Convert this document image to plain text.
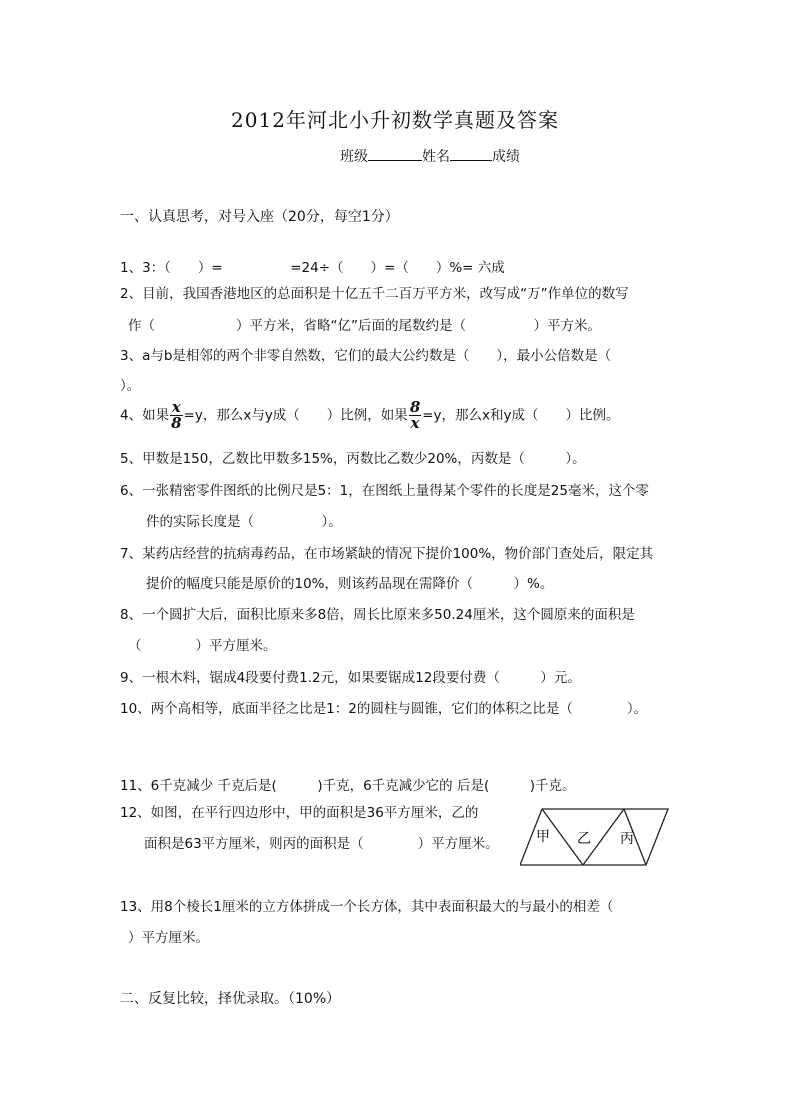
2012年河北小升初数学真题及答案
班级	姓名	成绩
一、认真思考，对号入座（20分，每空1分）
1、3：（　　）=　　　　　=24÷（　　）=（　　）%= 六成
2、目前，我国香港地区的总面积是十亿五千二百万平方米，改写成“万”作单位的数写
作（　　　　　　）平方米，省略“亿”后面的尾数约是（　　　　　）平方米。
3、a与b是相邻的两个非零自然数，它们的最大公约数是（　　），最小公倍数是（
）。
4、如果 $\frac{x}{8} =y$，那么x与y成（　　）比例，如果 $\frac{8}{x} =y$，那么x和y成（　　）比例。
5、甲数是150，乙数比甲数多15%，丙数比乙数少20%，丙数是（　　　）。
6、一张精密零件图纸的比例尺是5：1，在图纸上量得某个零件的长度是25毫米，这个零
件的实际长度是（　　　　　）。
7、某药店经营的抗病毒药品，在市场紧缺的情况下提价100%，物价部门查处后，限定其
提价的幅度只能是原价的10%，则该药品现在需降价（　　　）%。
8、一个圆扩大后，面积比原来多8倍，周长比原来多50.24厘米，这个圆原来的面积是
（　　　　）平方厘米。
9、一根木料，锯成4段要付费1.2元，如果要锯成12段要付费（　　　）元。
10、两个高相等，底面半径之比是1：2的圆柱与圆锥，它们的体积之比是（　　　　）。
11、6千克减少 千克后是(　　　)千克，6千克减少它的 后是(　　　)千克。
12、如图，在平行四边形中，甲的面积是36平方厘米，乙的
面积是63平方厘米，则丙的面积是（　　　　）平方厘米。	甲 乙 丙
13、用8个棱长1厘米的立方体拼成一个长方体，其中表面积最大的与最小的相差（
）平方厘米。
二、反复比较，择优录取。（10%）
